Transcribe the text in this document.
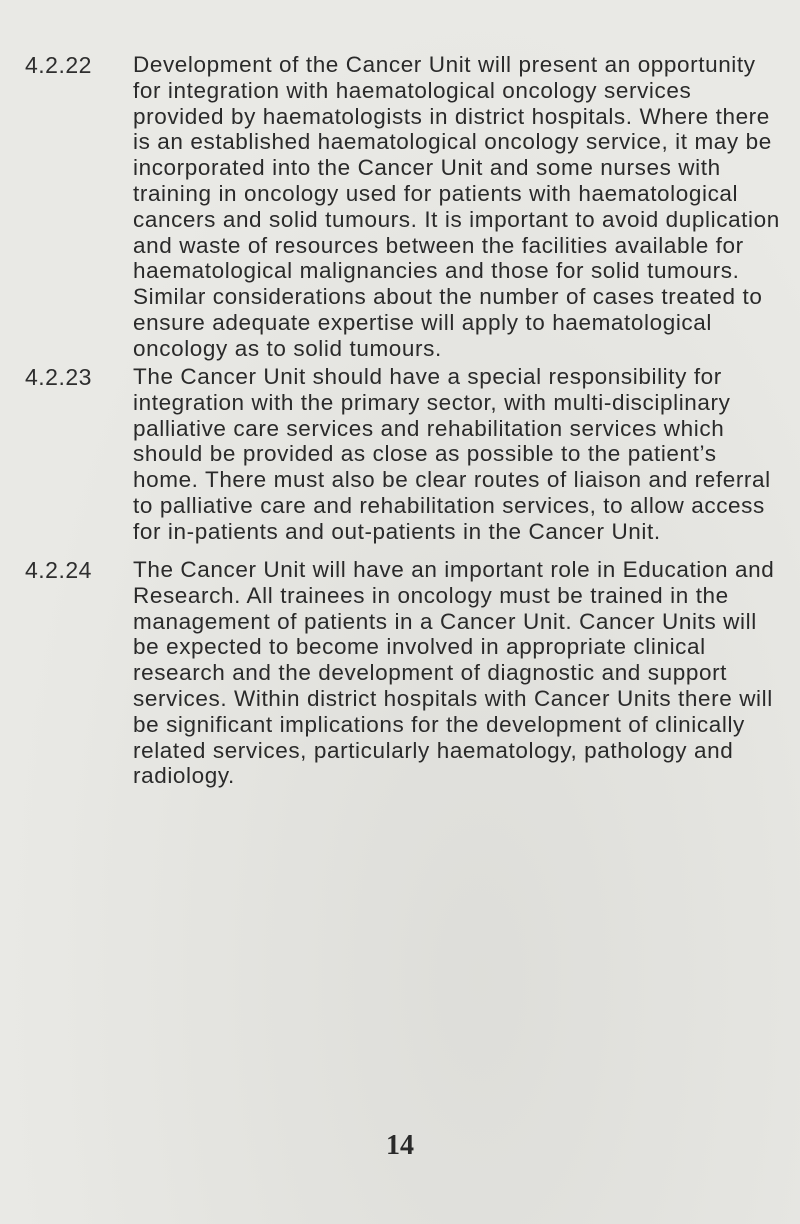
4.2.22 Development of the Cancer Unit will present an opportunity for integration with haematological oncology services provided by haematologists in district hospitals. Where there is an established haematological oncology service, it may be incorporated into the Cancer Unit and some nurses with training in oncology used for patients with haematological cancers and solid tumours. It is important to avoid duplication and waste of resources between the facilities available for haematological malignancies and those for solid tumours. Similar considerations about the number of cases treated to ensure adequate expertise will apply to haematological oncology as to solid tumours.
4.2.23 The Cancer Unit should have a special responsibility for integration with the primary sector, with multi-disciplinary palliative care services and rehabilitation services which should be provided as close as possible to the patient’s home. There must also be clear routes of liaison and referral to palliative care and rehabilitation services, to allow access for in-patients and out-patients in the Cancer Unit.
4.2.24 The Cancer Unit will have an important role in Education and Research. All trainees in oncology must be trained in the management of patients in a Cancer Unit. Cancer Units will be expected to become involved in appropriate clinical research and the development of diagnostic and support services. Within district hospitals with Cancer Units there will be significant implications for the development of clinically related services, particularly haematology, pathology and radiology.
14
